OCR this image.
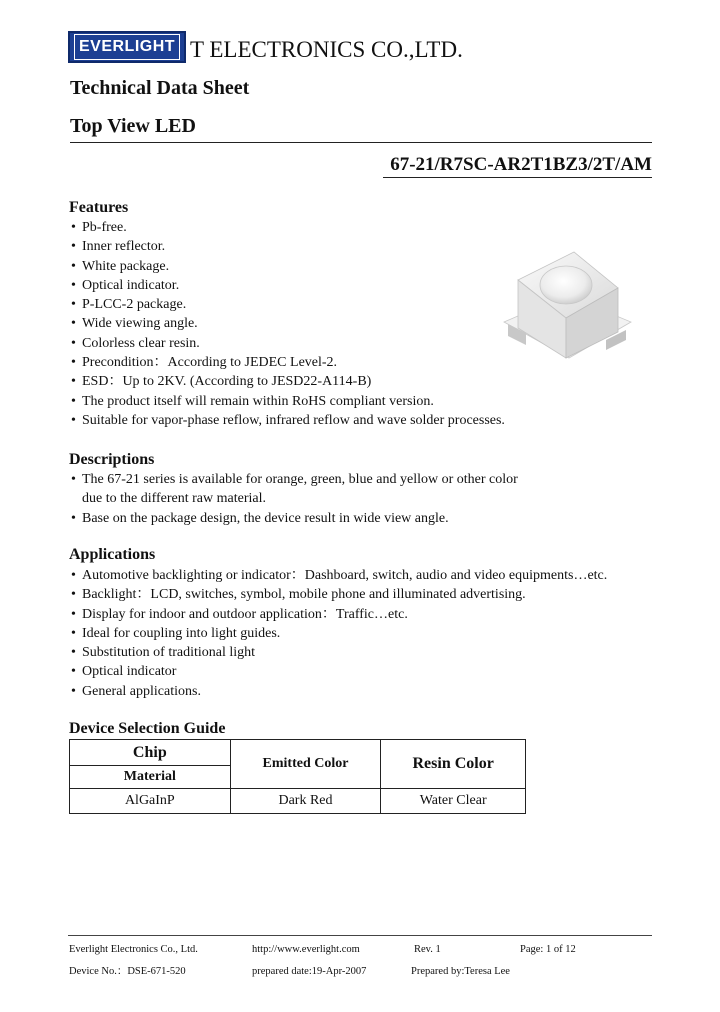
EVERLIGHT T ELECTRONICS CO.,LTD.
Technical Data Sheet
Top View LED
67-21/R7SC-AR2T1BZ3/2T/AM
Features
• Pb-free.
• Inner reflector.
• White package.
• Optical indicator.
• P-LCC-2 package.
• Wide viewing angle.
• Colorless clear resin.
• Precondition：According to JEDEC Level-2.
• ESD：Up to 2KV. (According to JESD22-A114-B)
• The product itself will remain within RoHS compliant version.
• Suitable for vapor-phase reflow, infrared reflow and wave solder processes.
Descriptions
• The 67-21 series is available for orange, green, blue and yellow or other color
due to the different raw material.
• Base on the package design, the device result in wide view angle.
Applications
• Automotive backlighting or indicator：Dashboard, switch, audio and video equipments…etc.
• Backlight：LCD, switches, symbol, mobile phone and illuminated advertising.
• Display for indoor and outdoor application：Traffic…etc.
• Ideal for coupling into light guides.
• Substitution of traditional light
• Optical indicator
• General applications.
Device Selection Guide
Chip	Emitted Color	Resin Color
Material		
AlGaInP	Dark Red	Water Clear
Everlight Electronics Co., Ltd.	http://www.everlight.com	Rev. 1	Page: 1 of 12
Device No.：DSE-671-520	prepared date:19-Apr-2007	Prepared by:Teresa Lee
